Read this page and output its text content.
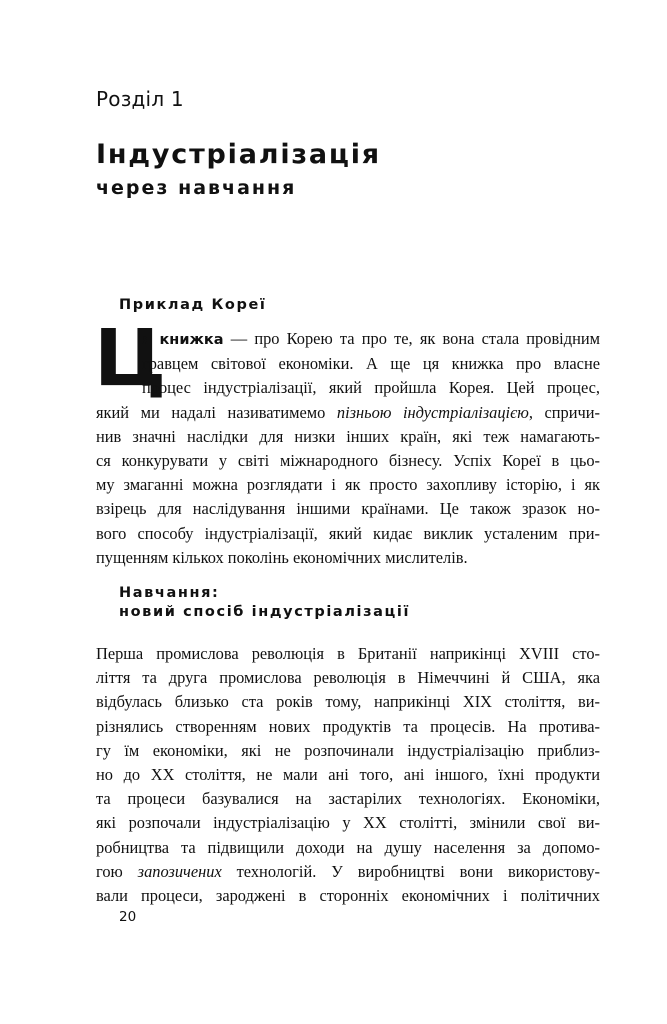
Розділ 1
Індустріалізація
через навчання
Приклад Кореї
Ц
я книжка — про Корею та про те, як вона стала провідним
гравцем світової економіки. А ще ця книжка про власне
процес індустріалізації, який пройшла Корея. Цей процес,
який ми надалі називатимемо пізньою індустріалізацією, спричи-
нив значні наслідки для низки інших країн, які теж намагають-
ся конкурувати у світі міжнародного бізнесу. Успіх Кореї в цьо-
му змаганні можна розглядати і як просто захопливу історію, і як
взірець для наслідування іншими країнами. Це також зразок но-
вого способу індустріалізації, який кидає виклик усталеним при-
пущенням кількох поколінь економічних мислителів.
Навчання:
новий спосіб індустріалізації
Перша промислова революція в Британії наприкінці XVIII сто-
ліття та друга промислова революція в Німеччині й США, яка
відбулась близько ста років тому, наприкінці XIX століття, ви-
різнялись створенням нових продуктів та процесів. На протива-
гу їм економіки, які не розпочинали індустріалізацію приблиз-
но до XX століття, не мали ані того, ані іншого, їхні продукти
та процеси базувалися на застарілих технологіях. Економіки,
які розпочали індустріалізацію у XX столітті, змінили свої ви-
робництва та підвищили доходи на душу населення за допомо-
гою запозичених технологій. У виробництві вони використову-
вали процеси, зароджені в сторонніх економічних і політичних
20
